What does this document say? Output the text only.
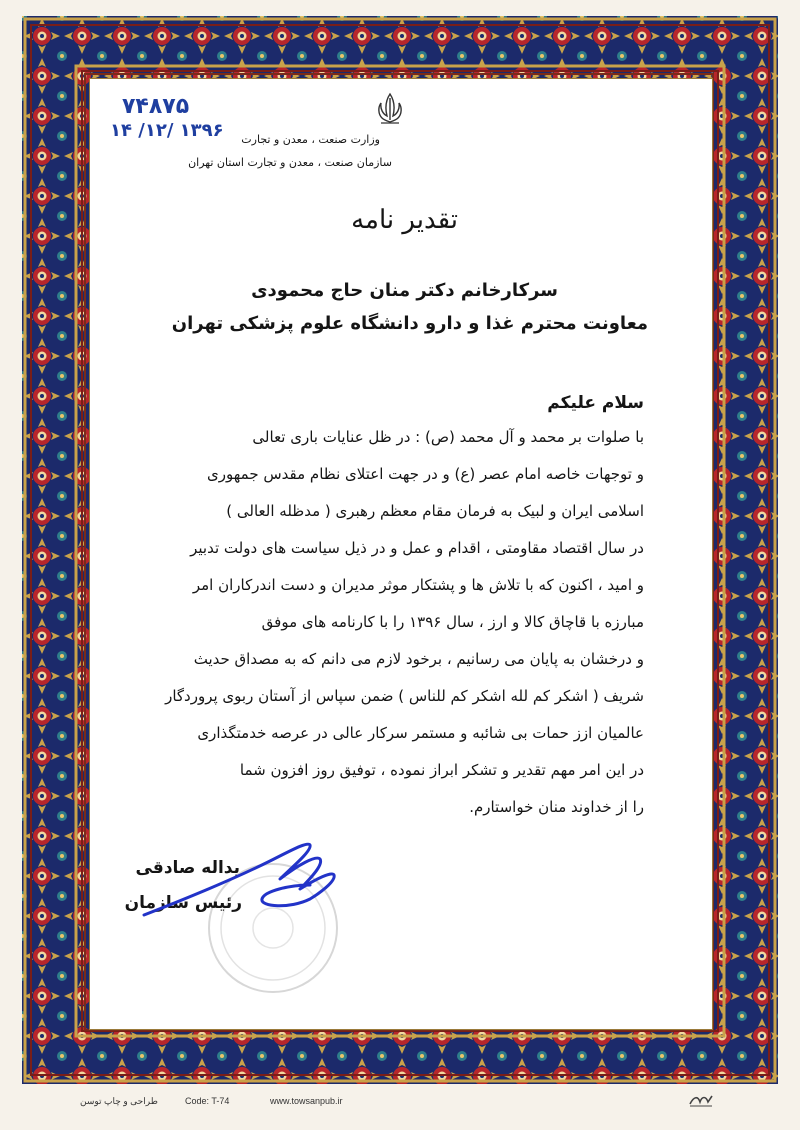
۷۴۸۷۵
۱۳۹۶ /۱۲/ ۱۴ وزارت صنعت ، معدن و تجارت
سازمان صنعت ، معدن و تجارت استان تهران
تقدیر نامه
سرکارخانم دکتر منان حاج محمودی
معاونت محترم غذا و دارو دانشگاه علوم پزشکی تهران
سلام علیکم
با صلوات بر محمد و آل محمد (ص) : در ظل عنایات باری تعالی
و توجهات خاصه امام عصر (ع) و در جهت اعتلای نظام مقدس جمهوری
اسلامی ایران و لبیک به فرمان مقام معظم رهبری ( مدظله العالی )
در سال اقتصاد مقاومتی ، اقدام و عمل و در ذیل سیاست های دولت تدبیر
و امید ، اکنون که با تلاش ها و پشتکار موثر مدیران و دست اندرکاران امر
مبارزه با قاچاق کالا و ارز ، سال ۱۳۹۶ را با کارنامه های موفق
و درخشان به پایان می رسانیم ، برخود لازم می دانم که به مصداق حدیث
شریف ( اشکر کم لله اشکر کم للناس ) ضمن سپاس از آستان ربوی پروردگار
عالمیان ازز حمات بی شائبه و مستمر سرکار عالی در عرصه خدمتگذاری
در این امر مهم تقدیر و تشکر ابراز نموده ، توفیق روز افزون شما
را از خداوند منان خواستارم.
یداله صادقی
رئیس سازمان
طراحی و چاپ توسن	Code: T-74	www.towsanpub.ir
